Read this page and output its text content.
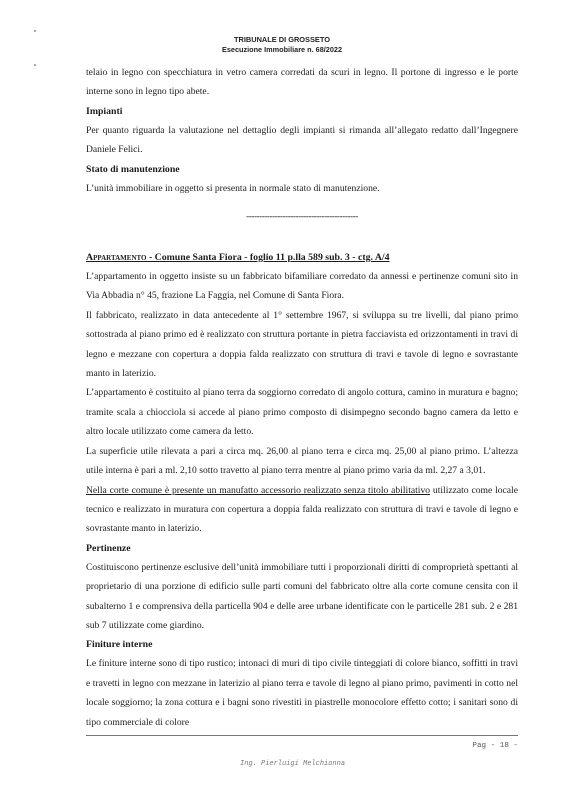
TRIBUNALE DI GROSSETO
Esecuzione Immobiliare n. 68/2022

telaio in legno con specchiatura in vetro camera corredati da scuri in legno. Il portone di ingresso e le porte interne sono in legno tipo abete.

Impianti

Per quanto riguarda la valutazione nel dettaglio degli impianti si rimanda all’allegato redatto dall’Ingegnere Daniele Felici.

Stato di manutenzione

L’unità immobiliare in oggetto si presenta in normale stato di manutenzione.

-------------------------------------------

Appartamento - Comune Santa Fiora - foglio 11 p.lla 589 sub. 3 - ctg. A/4

L’appartamento in oggetto insiste su un fabbricato bifamiliare corredato da annessi e pertinenze comuni sito in Via Abbadia n° 45, frazione La Faggia, nel Comune di Santa Fiora.

Il fabbricato, realizzato in data antecedente al 1° settembre 1967, si sviluppa su tre livelli, dal piano primo sottostrada al piano primo ed è realizzato con struttura portante in pietra facciavista ed orizzontamenti in travi di legno e mezzane con copertura a doppia falda realizzato con struttura di travi e tavole di legno e sovrastante manto in laterizio.

L’appartamento è costituito al piano terra da soggiorno corredato di angolo cottura, camino in muratura e bagno; tramite scala a chiocciola si accede al piano primo composto di disimpegno secondo bagno camera da letto e altro locale utilizzato come camera da letto.

La superficie utile rilevata a pari a circa mq. 26,00 al piano terra e circa mq. 25,00 al piano primo. L’altezza utile interna è pari a ml. 2,10 sotto travetto al piano terra mentre al piano primo varia da ml. 2,27 a 3,01.

Nella corte comune è presente un manufatto accessorio realizzato senza titolo abilitativo utilizzato come locale tecnico e realizzato in muratura con copertura a doppia falda realizzato con struttura di travi e tavole di legno e sovrastante manto in laterizio.

Pertinenze

Costituiscono pertinenze esclusive dell’unità immobiliare tutti i proporzionali diritti di comproprietà spettanti al proprietario di una porzione di edificio sulle parti comuni del fabbricato oltre alla corte comune censita con il subalterno 1 e comprensiva della particella 904 e delle aree urbane identificate con le particelle 281 sub. 2 e 281 sub 7 utilizzate come giardino.

Finiture interne

Le finiture interne sono di tipo rustico; intonaci di muri di tipo civile tinteggiati di colore bianco, soffitti in travi e travetti in legno con mezzane in laterizio al piano terra e tavole di legno al piano primo, pavimenti in cotto nel locale soggiorno; la zona cottura e i bagni sono rivestiti in piastrelle monocolore effetto cotto; i sanitari sono di tipo commerciale di colore

Pag - 18 -
Ing. Pierluigi Melchionna
